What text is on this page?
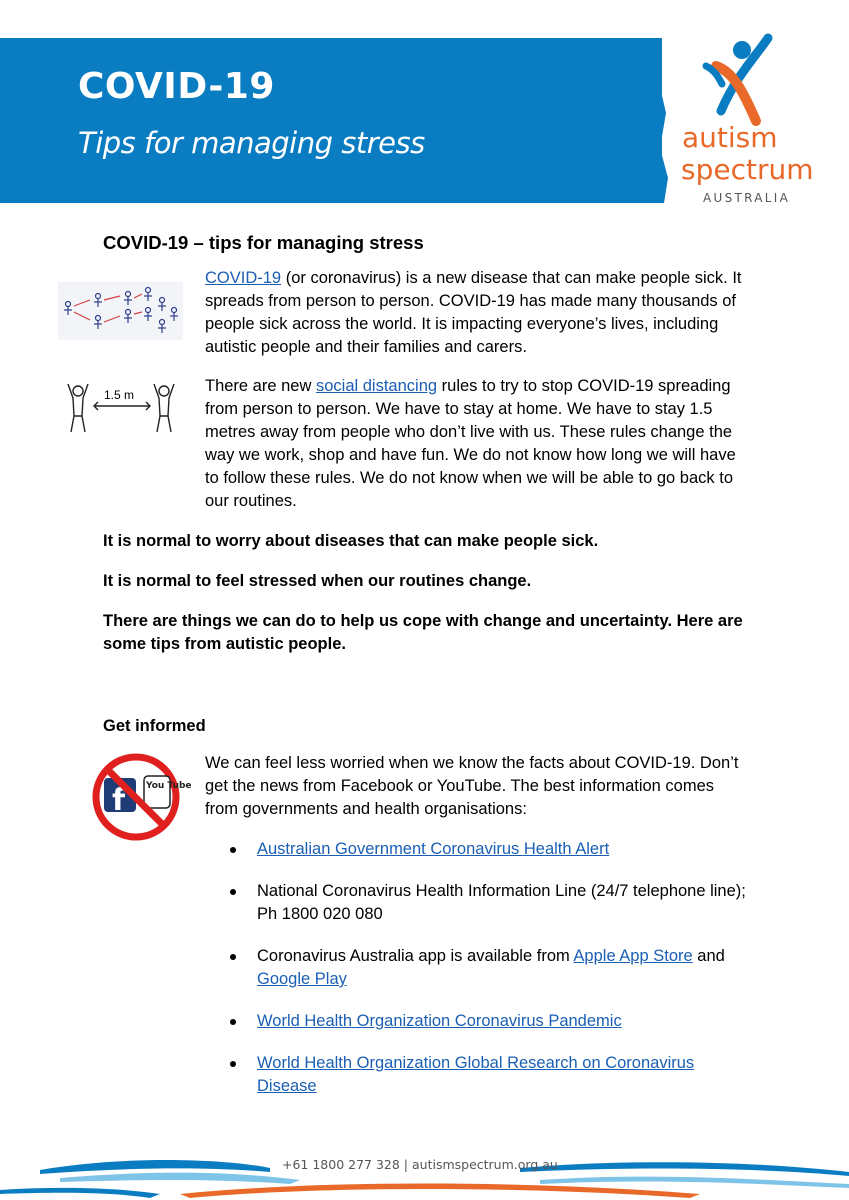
COVID-19
Tips for managing stress	autism
spectrum
AUSTRALIA
COVID-19 – tips for managing stress
COVID-19 (or coronavirus) is a new disease that can make people sick. It spreads from person to person. COVID-19 has made many thousands of people sick across the world. It is impacting everyone’s lives, including autistic people and their families and carers.
1.5 m	There are new social distancing rules to try to stop COVID-19 spreading from person to person. We have to stay at home. We have to stay 1.5 metres away from people who don’t live with us. These rules change the way we work, shop and have fun. We do not know how long we will have to follow these rules. We do not know when we will be able to go back to our routines.
It is normal to worry about diseases that can make people sick.
It is normal to feel stressed when our routines change.
There are things we can do to help us cope with change and uncertainty. Here are some tips from autistic people.
Get informed
f You Tube
We can feel less worried when we know the facts about COVID-19. Don’t get the news from Facebook or YouTube. The best information comes from governments and health organisations:
Australian Government Coronavirus Health Alert
National Coronavirus Health Information Line (24/7 telephone line); Ph 1800 020 080
Coronavirus Australia app is available from Apple App Store and Google Play
World Health Organization Coronavirus Pandemic
World Health Organization Global Research on Coronavirus Disease
+61 1800 277 328 | autismspectrum.org.au
